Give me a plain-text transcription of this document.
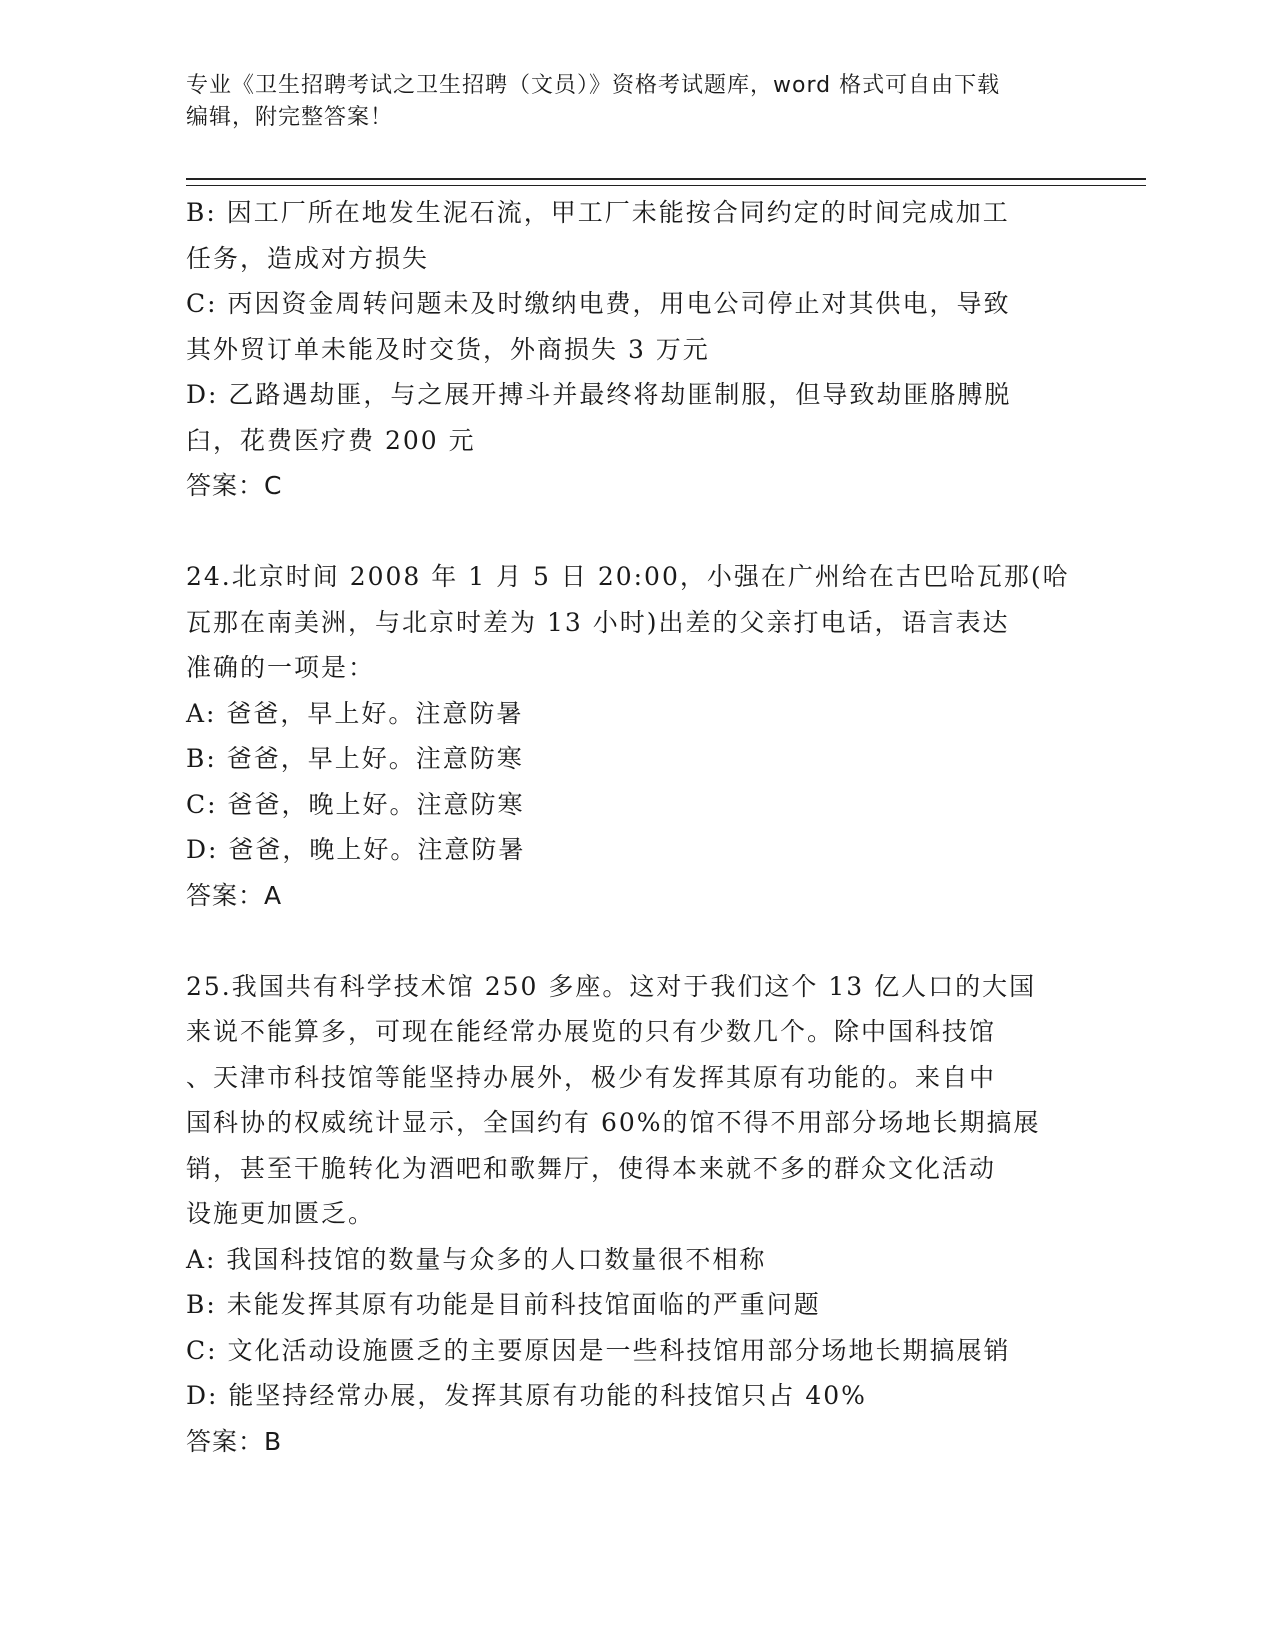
专业《卫生招聘考试之卫生招聘（文员）》资格考试题库，word 格式可自由下载
编辑，附完整答案！

B: 因工厂所在地发生泥石流，甲工厂未能按合同约定的时间完成加工

任务，造成对方损失

C: 丙因资金周转问题未及时缴纳电费，用电公司停止对其供电，导致

其外贸订单未能及时交货，外商损失 3 万元

D: 乙路遇劫匪，与之展开搏斗并最终将劫匪制服，但导致劫匪胳膊脱

臼，花费医疗费 200 元

答案：C

24.北京时间 2008 年 1 月 5 日 20:00，小强在广州给在古巴哈瓦那(哈

瓦那在南美洲，与北京时差为 13 小时)出差的父亲打电话，语言表达

准确的一项是：

A: 爸爸，早上好。注意防暑

B: 爸爸，早上好。注意防寒

C: 爸爸，晚上好。注意防寒

D: 爸爸，晚上好。注意防暑

答案：A

25.我国共有科学技术馆 250 多座。这对于我们这个 13 亿人口的大国

来说不能算多，可现在能经常办展览的只有少数几个。除中国科技馆

、天津市科技馆等能坚持办展外，极少有发挥其原有功能的。来自中

国科协的权威统计显示，全国约有 60%的馆不得不用部分场地长期搞展

销，甚至干脆转化为酒吧和歌舞厅，使得本来就不多的群众文化活动

设施更加匮乏。

A: 我国科技馆的数量与众多的人口数量很不相称

B: 未能发挥其原有功能是目前科技馆面临的严重问题

C: 文化活动设施匮乏的主要原因是一些科技馆用部分场地长期搞展销

D: 能坚持经常办展，发挥其原有功能的科技馆只占 40%

答案：B
